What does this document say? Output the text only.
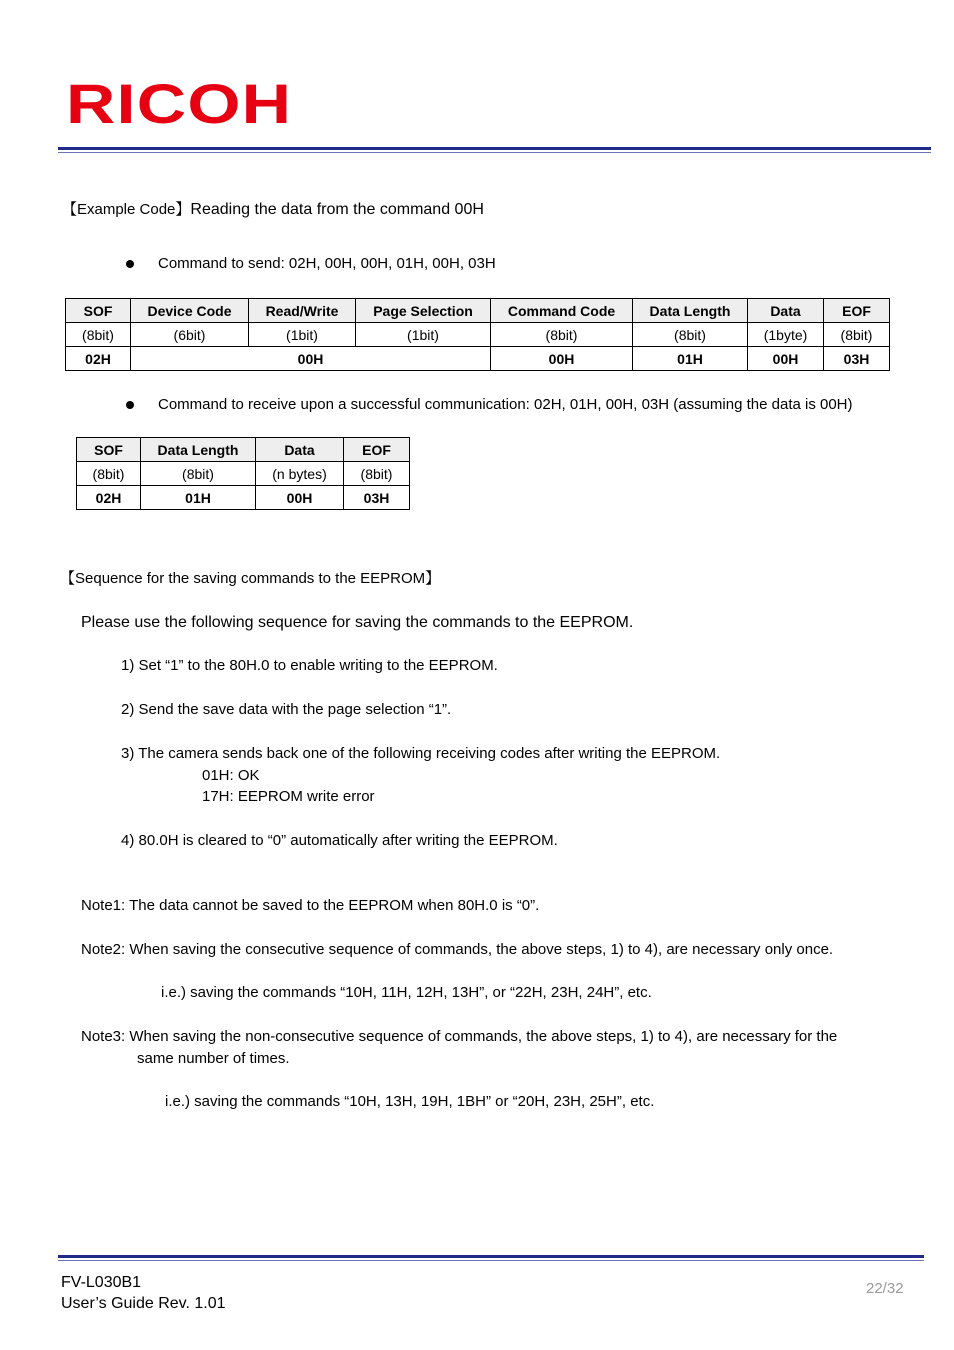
RICOH
【Example Code】Reading the data from the command 00H
Command to send: 02H, 00H, 00H, 01H, 00H, 03H
SOF	Device Code	Read/Write	Page Selection	Command Code	Data Length	Data	EOF
(8bit)	(6bit)	(1bit)	(1bit)	(8bit)	(8bit)	(1byte)	(8bit)
02H	00H			00H	01H	00H	03H
Command to receive upon a successful communication: 02H, 01H, 00H, 03H (assuming the data is 00H)
SOF	Data Length	Data	EOF
(8bit)	(8bit)	(n bytes)	(8bit)
02H	01H	00H	03H
【Sequence for the saving commands to the EEPROM】
Please use the following sequence for saving the commands to the EEPROM.
1) Set “1” to the 80H.0 to enable writing to the EEPROM.
2) Send the save data with the page selection “1”.
3) The camera sends back one of the following receiving codes after writing the EEPROM.
01H: OK
17H: EEPROM write error
4) 80.0H is cleared to “0” automatically after writing the EEPROM.
Note1: The data cannot be saved to the EEPROM when 80H.0 is “0”.
Note2: When saving the consecutive sequence of commands, the above steps, 1) to 4), are necessary only once.
i.e.) saving the commands “10H, 11H, 12H, 13H”, or “22H, 23H, 24H”, etc.
Note3: When saving the non-consecutive sequence of commands, the above steps, 1) to 4), are necessary for the
same number of times.
i.e.) saving the commands “10H, 13H, 19H, 1BH” or “20H, 23H, 25H”, etc.
FV-L030B1
User’s Guide Rev. 1.01
22/32
